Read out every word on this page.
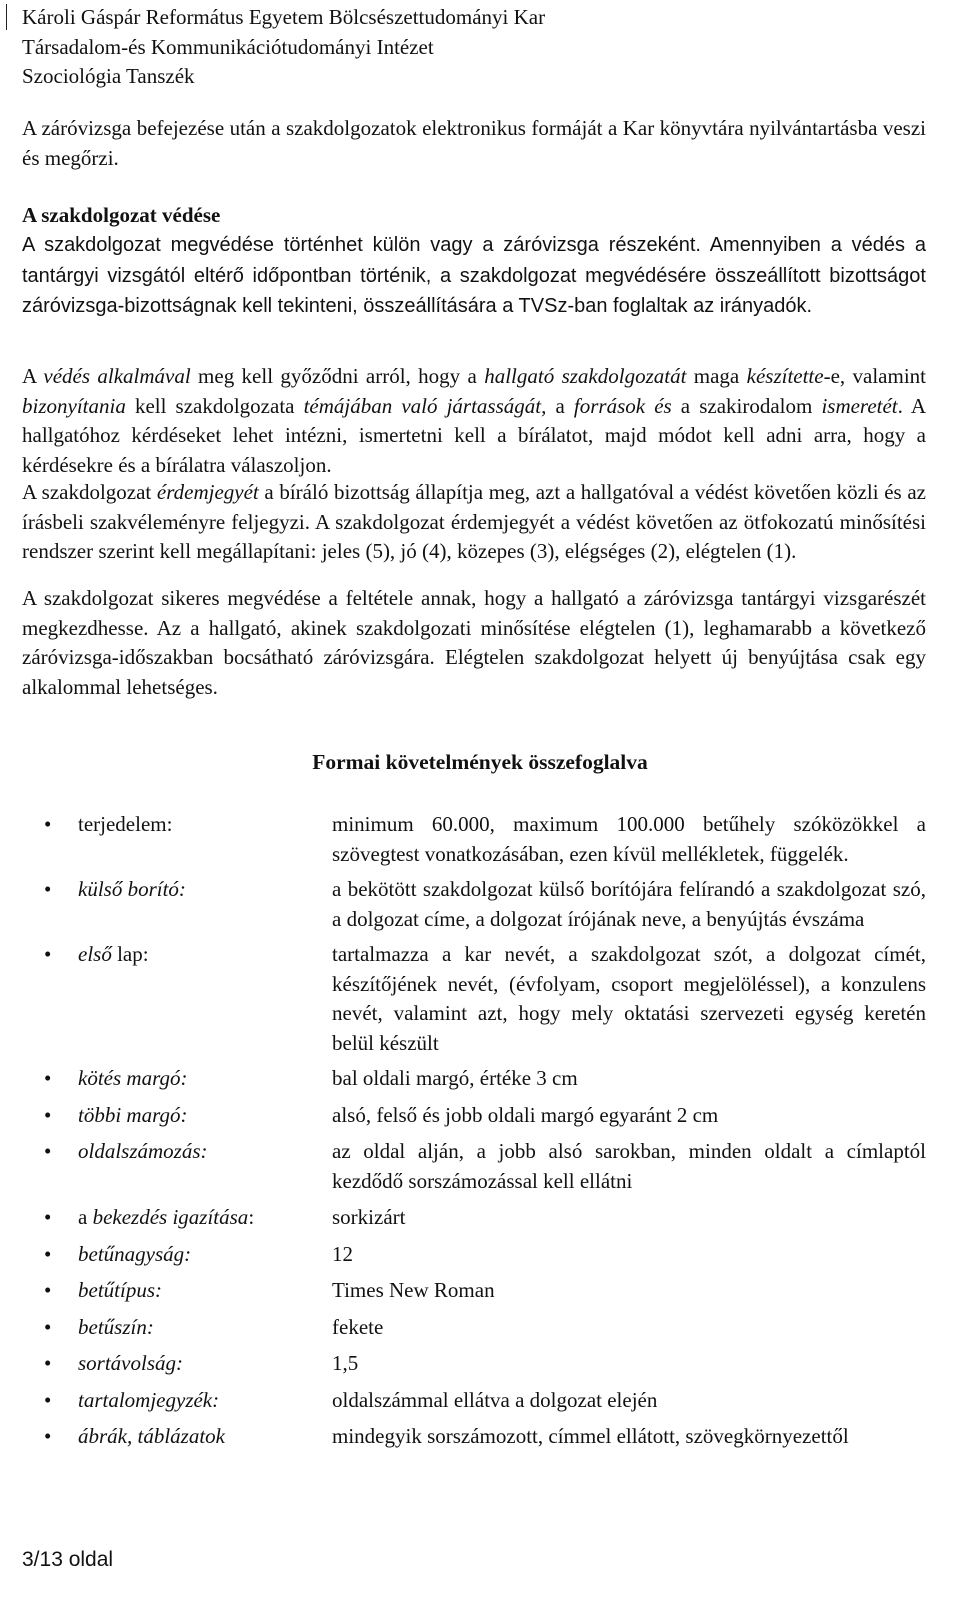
Károli Gáspár Református Egyetem Bölcsészettudományi Kar
Társadalom-és Kommunikációtudományi Intézet
Szociológia Tanszék
A záróvizsga befejezése után a szakdolgozatok elektronikus formáját a Kar könyvtára nyilvántartásba veszi és megőrzi.
A szakdolgozat védése
A szakdolgozat megvédése történhet külön vagy a záróvizsga részeként. Amennyiben a védés a tantárgyi vizsgától eltérő időpontban történik, a szakdolgozat megvédésére összeállított bizottságot záróvizsga-bizottságnak kell tekinteni, összeállítására a TVSz-ban foglaltak az irányadók.
A védés alkalmával meg kell győződni arról, hogy a hallgató szakdolgozatát maga készítette-e, valamint bizonyítania kell szakdolgozata témájában való jártasságát, a források és a szakirodalom ismeretét. A hallgatóhoz kérdéseket lehet intézni, ismertetni kell a bírálatot, majd módot kell adni arra, hogy a kérdésekre és a bírálatra válaszoljon.
A szakdolgozat érdemjegyét a bíráló bizottság állapítja meg, azt a hallgatóval a védést követően közli és az írásbeli szakvéleményre feljegyzi. A szakdolgozat érdemjegyét a védést követően az ötfokozatú minősítési rendszer szerint kell megállapítani: jeles (5), jó (4), közepes (3), elégséges (2), elégtelen (1).
A szakdolgozat sikeres megvédése a feltétele annak, hogy a hallgató a záróvizsga tantárgyi vizsgarészét megkezdhesse. Az a hallgató, akinek szakdolgozati minősítése elégtelen (1), leghamarabb a következő záróvizsga-időszakban bocsátható záróvizsgára. Elégtelen szakdolgozat helyett új benyújtása csak egy alkalommal lehetséges.
Formai követelmények összefoglalva
•	terjedelem:	minimum 60.000, maximum 100.000 betűhely szóközökkel a szövegtest vonatkozásában, ezen kívül mellékletek, függelék.
•	külső borító:	a bekötött szakdolgozat külső borítójára felírandó a szakdolgozat szó, a dolgozat címe, a dolgozat írójának neve, a benyújtás évszáma
•	első lap:	tartalmazza a kar nevét, a szakdolgozat szót, a dolgozat címét, készítőjének nevét, (évfolyam, csoport megjelöléssel), a konzulens nevét, valamint azt, hogy mely oktatási szervezeti egység keretén belül készült
•	kötés margó:	bal oldali margó, értéke 3 cm
•	többi margó:	alsó, felső és jobb oldali margó egyaránt 2 cm
•	oldalszámozás:	az oldal alján, a jobb alsó sarokban, minden oldalt a címlaptól kezdődő sorszámozással kell ellátni
•	a bekezdés igazítása:	sorkizárt
•	betűnagyság:	12
•	betűtípus:	Times New Roman
•	betűszín:	fekete
•	sortávolság:	1,5
•	tartalomjegyzék:	oldalszámmal ellátva a dolgozat elején
•	ábrák, táblázatok	mindegyik sorszámozott, címmel ellátott, szövegkörnyezettől
3/13 oldal
